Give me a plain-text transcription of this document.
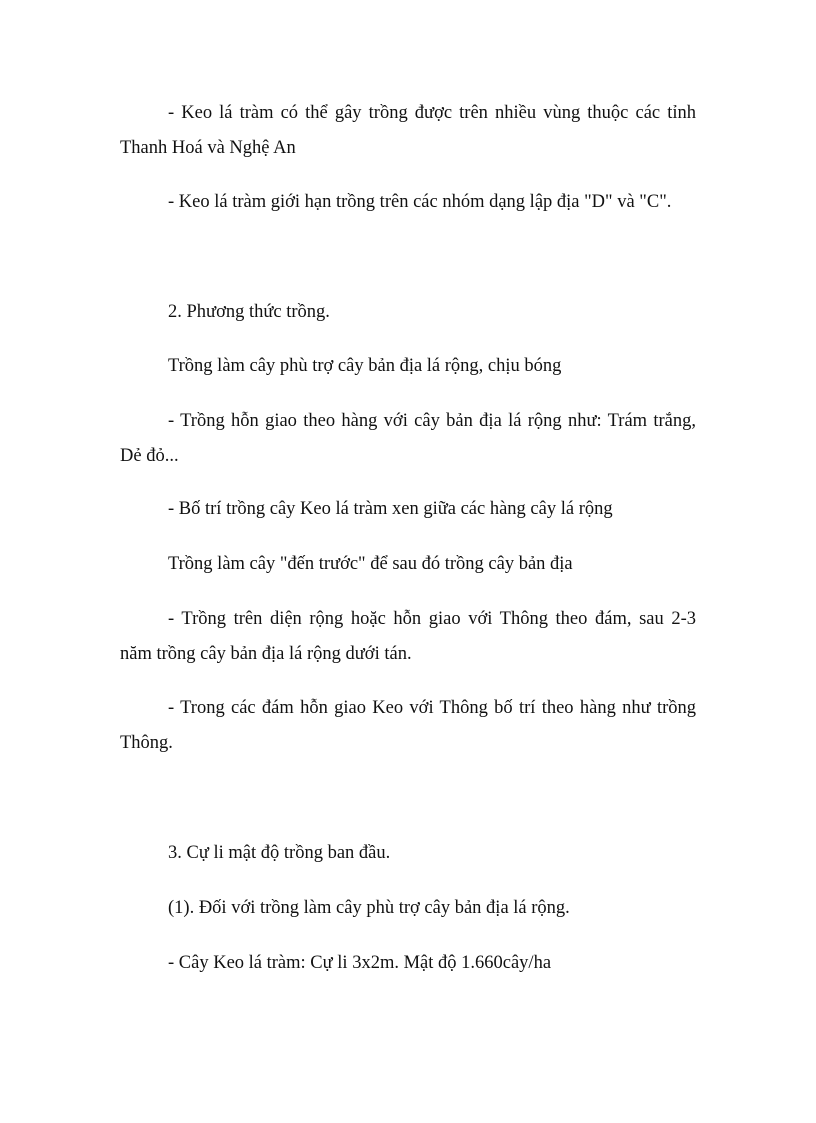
- Keo lá tràm có thể gây trồng được trên nhiều vùng thuộc các tỉnh

Thanh Hoá và Nghệ An

- Keo lá tràm giới hạn trồng trên các nhóm dạng lập địa "D" và "C".

2. Phương thức trồng.

Trồng làm cây phù trợ cây bản địa lá rộng, chịu bóng

- Trồng hỗn giao theo hàng với cây bản địa lá rộng như: Trám trắng,

Dẻ đỏ...

- Bố trí trồng cây Keo lá tràm xen giữa các hàng cây lá rộng

Trồng làm cây "đến trước" để sau đó trồng cây bản địa

- Trồng trên diện rộng hoặc hỗn giao với Thông theo đám, sau 2-3

năm trồng cây bản địa lá rộng dưới tán.

- Trong các đám hỗn giao Keo với Thông bố trí theo hàng như trồng

Thông.

3. Cự li mật độ trồng ban đầu.

(1). Đối với trồng làm cây phù trợ cây bản địa lá rộng.

- Cây Keo lá tràm: Cự li 3x2m. Mật độ 1.660cây/ha
